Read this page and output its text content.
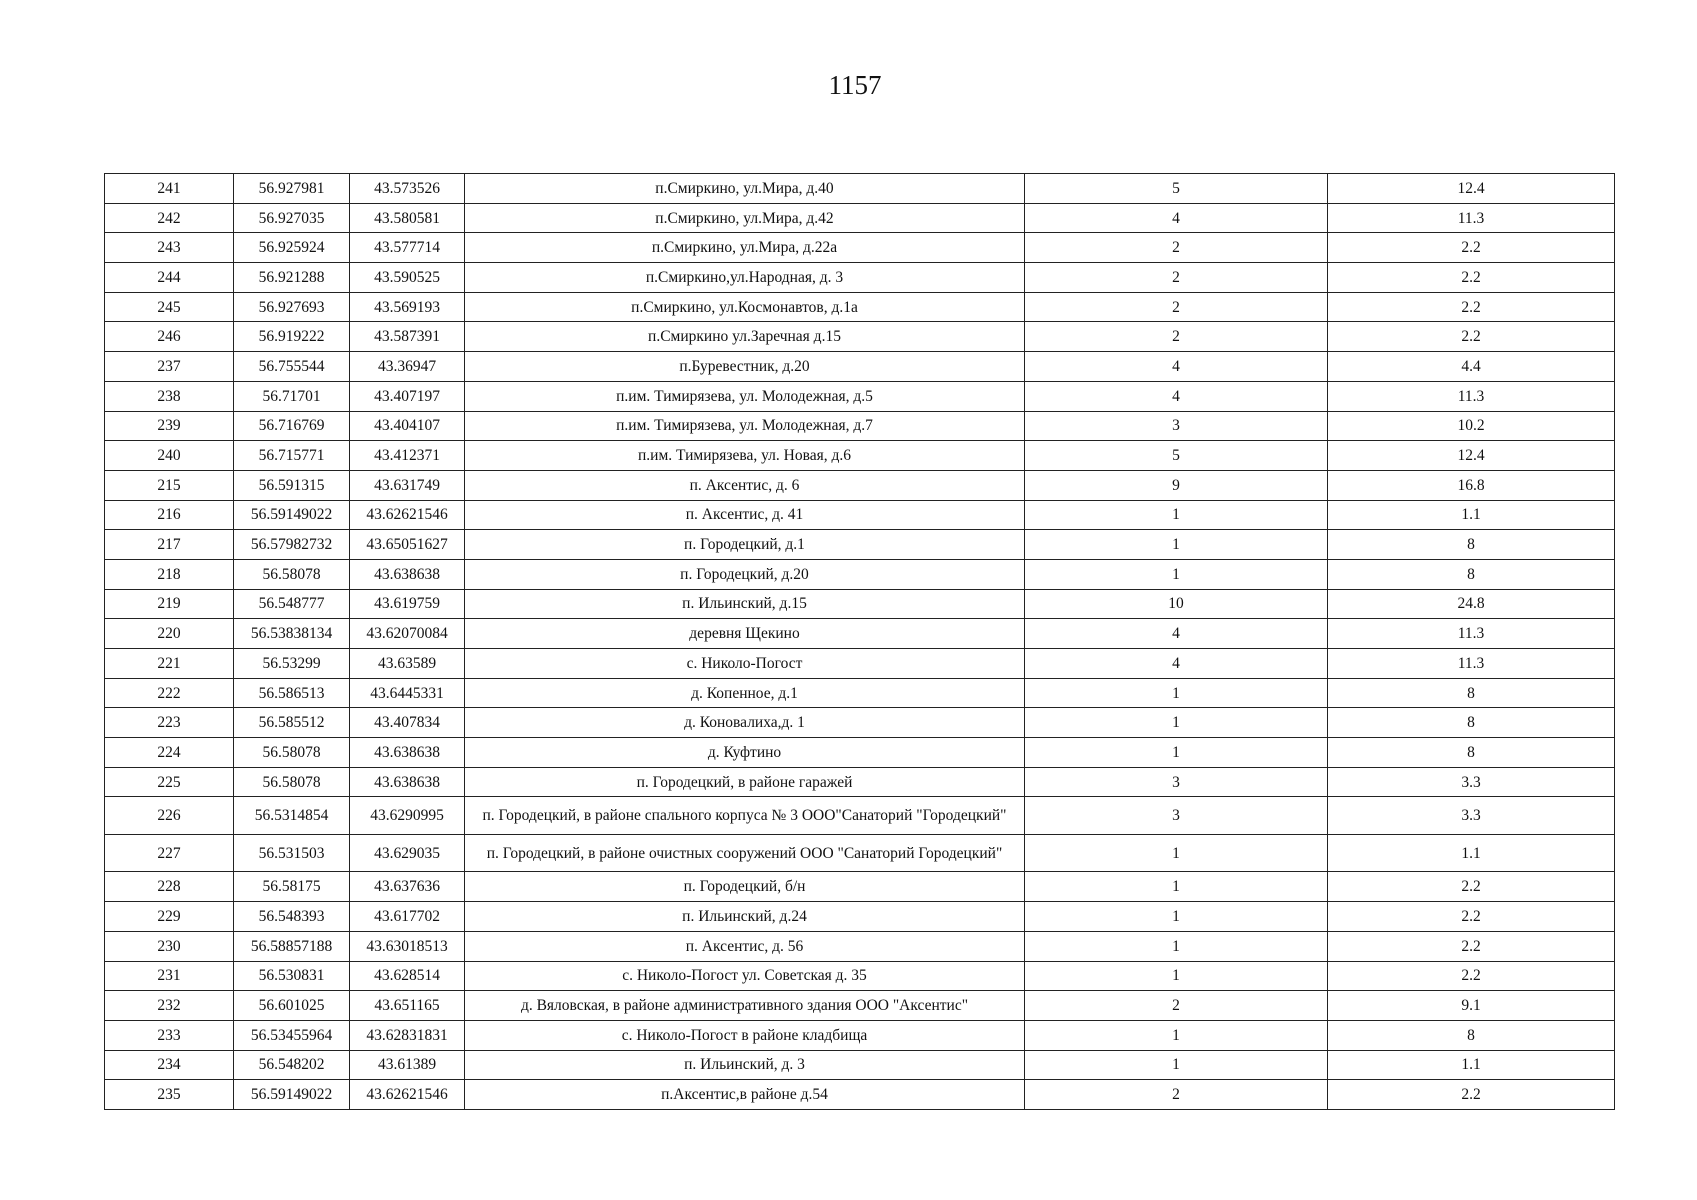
1157
241	56.927981	43.573526	п.Смиркино, ул.Мира, д.40	5	12.4
242	56.927035	43.580581	п.Смиркино, ул.Мира, д.42	4	11.3
243	56.925924	43.577714	п.Смиркино, ул.Мира, д.22а	2	2.2
244	56.921288	43.590525	п.Смиркино,ул.Народная, д. 3	2	2.2
245	56.927693	43.569193	п.Смиркино, ул.Космонавтов, д.1а	2	2.2
246	56.919222	43.587391	п.Смиркино ул.Заречная д.15	2	2.2
237	56.755544	43.36947	п.Буревестник, д.20	4	4.4
238	56.71701	43.407197	п.им. Тимирязева, ул. Молодежная, д.5	4	11.3
239	56.716769	43.404107	п.им. Тимирязева, ул. Молодежная, д.7	3	10.2
240	56.715771	43.412371	п.им. Тимирязева, ул. Новая, д.6	5	12.4
215	56.591315	43.631749	п. Аксентис, д. 6	9	16.8
216	56.59149022	43.62621546	п. Аксентис, д. 41	1	1.1
217	56.57982732	43.65051627	п. Городецкий, д.1	1	8
218	56.58078	43.638638	п. Городецкий, д.20	1	8
219	56.548777	43.619759	п. Ильинский, д.15	10	24.8
220	56.53838134	43.62070084	деревня Щекино	4	11.3
221	56.53299	43.63589	с. Николо-Погост	4	11.3
222	56.586513	43.6445331	д. Копенное, д.1	1	8
223	56.585512	43.407834	д. Коновалиха,д. 1	1	8
224	56.58078	43.638638	д. Куфтино	1	8
225	56.58078	43.638638	п. Городецкий, в районе гаражей	3	3.3
226	56.5314854	43.6290995	п. Городецкий, в районе спального корпуса № 3 ООО"Санаторий "Городецкий"	3	3.3
227	56.531503	43.629035	п. Городецкий, в районе очистных сооружений ООО "Санаторий Городецкий"	1	1.1
228	56.58175	43.637636	п. Городецкий, б/н	1	2.2
229	56.548393	43.617702	п. Ильинский, д.24	1	2.2
230	56.58857188	43.63018513	п. Аксентис, д. 56	1	2.2
231	56.530831	43.628514	с. Николо-Погост ул. Советская д. 35	1	2.2
232	56.601025	43.651165	д. Вяловская, в районе административного здания ООО "Аксентис"	2	9.1
233	56.53455964	43.62831831	с. Николо-Погост в районе кладбища	1	8
234	56.548202	43.61389	п. Ильинский, д. 3	1	1.1
235	56.59149022	43.62621546	п.Аксентис,в районе д.54	2	2.2
